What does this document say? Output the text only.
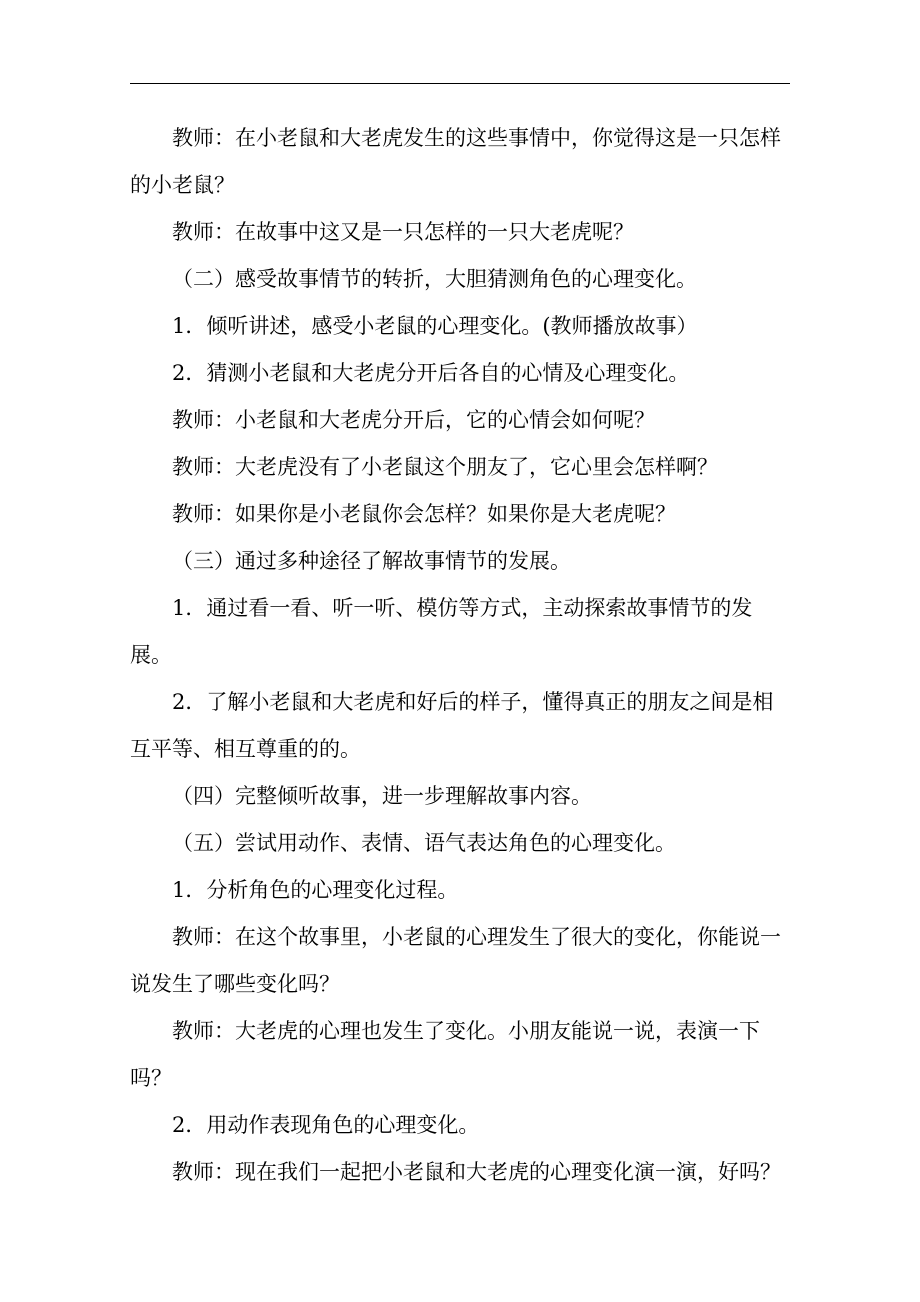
教师：在小老鼠和大老虎发生的这些事情中，你觉得这是一只怎样的小老鼠？

教师：在故事中这又是一只怎样的一只大老虎呢？

（二）感受故事情节的转折，大胆猜测角色的心理变化。

1．倾听讲述，感受小老鼠的心理变化。(教师播放故事）

2．猜测小老鼠和大老虎分开后各自的心情及心理变化。

教师：小老鼠和大老虎分开后，它的心情会如何呢？

教师：大老虎没有了小老鼠这个朋友了，它心里会怎样啊？

教师：如果你是小老鼠你会怎样？如果你是大老虎呢？

（三）通过多种途径了解故事情节的发展。

1．通过看一看、听一听、模仿等方式，主动探索故事情节的发展。

2．了解小老鼠和大老虎和好后的样子，懂得真正的朋友之间是相互平等、相互尊重的的。

（四）完整倾听故事，进一步理解故事内容。

（五）尝试用动作、表情、语气表达角色的心理变化。

1．分析角色的心理变化过程。

教师：在这个故事里，小老鼠的心理发生了很大的变化，你能说一说发生了哪些变化吗？

教师：大老虎的心理也发生了变化。小朋友能说一说，表演一下吗？

2．用动作表现角色的心理变化。

教师：现在我们一起把小老鼠和大老虎的心理变化演一演，好吗？
